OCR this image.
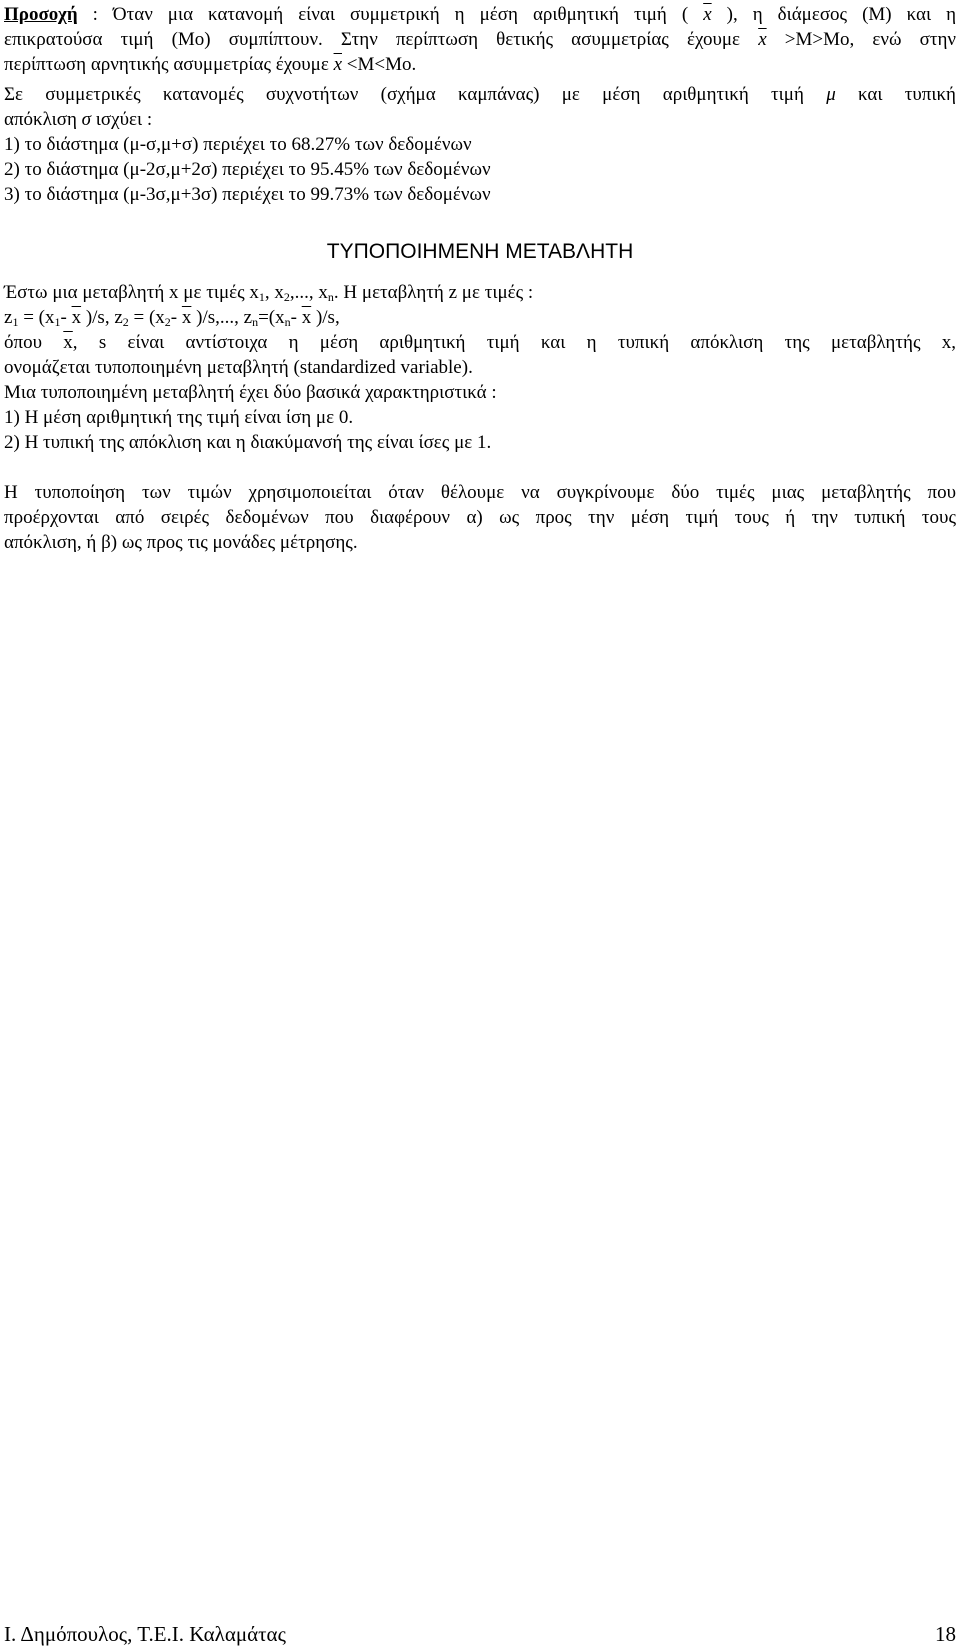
Προσοχή : Όταν μια κατανομή είναι συμμετρική η μέση αριθμητική τιμή ( $\overline{x}$ ), η διάμεσος (Μ) και η
επικρατούσα τιμή (Μο) συμπίπτουν. Στην περίπτωση θετικής ασυμμετρίας έχουμε $\overline{x} >M>Mo$, ενώ στην
περίπτωση αρνητικής ασυμμετρίας έχουμε $\overline{x} <M<Mo$.
Σε συμμετρικές κατανομές συχνοτήτων (σχήμα καμπάνας) με μέση αριθμητική τιμή μ και τυπική
απόκλιση σ ισχύει :
1) το διάστημα (μ-σ,μ+σ) περιέχει το 68.27% των δεδομένων
2) το διάστημα (μ-2σ,μ+2σ) περιέχει το 95.45% των δεδομένων
3) το διάστημα (μ-3σ,μ+3σ) περιέχει το 99.73% των δεδομένων
ΤΥΠΟΠΟΙΗΜΕΝΗ ΜΕΤΑΒΛΗΤΗ
Έστω μια μεταβλητή x με τιμές $x_1$, $x_2$,..., $x_n$. Η μεταβλητή z με τιμές :
$z_1 = (x_1-$ $\overline{x}$ )/s, $z_2 = (x_2-$ $\overline{x}$ )/s,..., $z_n=(x_n-$ $\overline{x}$ )/s,
όπου $\overline{x}$, s είναι αντίστοιχα η μέση αριθμητική τιμή και η τυπική απόκλιση της μεταβλητής x,
ονομάζεται τυποποιημένη μεταβλητή (standardized variable).
Μια τυποποιημένη μεταβλητή έχει δύο βασικά χαρακτηριστικά :
1) Η μέση αριθμητική της τιμή είναι ίση με 0.
2) Η τυπική της απόκλιση και η διακύμανσή της είναι ίσες με 1.
Η τυποποίηση των τιμών χρησιμοποιείται όταν θέλουμε να συγκρίνουμε δύο τιμές μιας μεταβλητής που
προέρχονται από σειρές δεδομένων που διαφέρουν α) ως προς την μέση τιμή τους ή την τυπική τους
απόκλιση, ή β) ως προς τις μονάδες μέτρησης.
Ι. Δημόπουλος, Τ.Ε.Ι. Καλαμάτας	18
